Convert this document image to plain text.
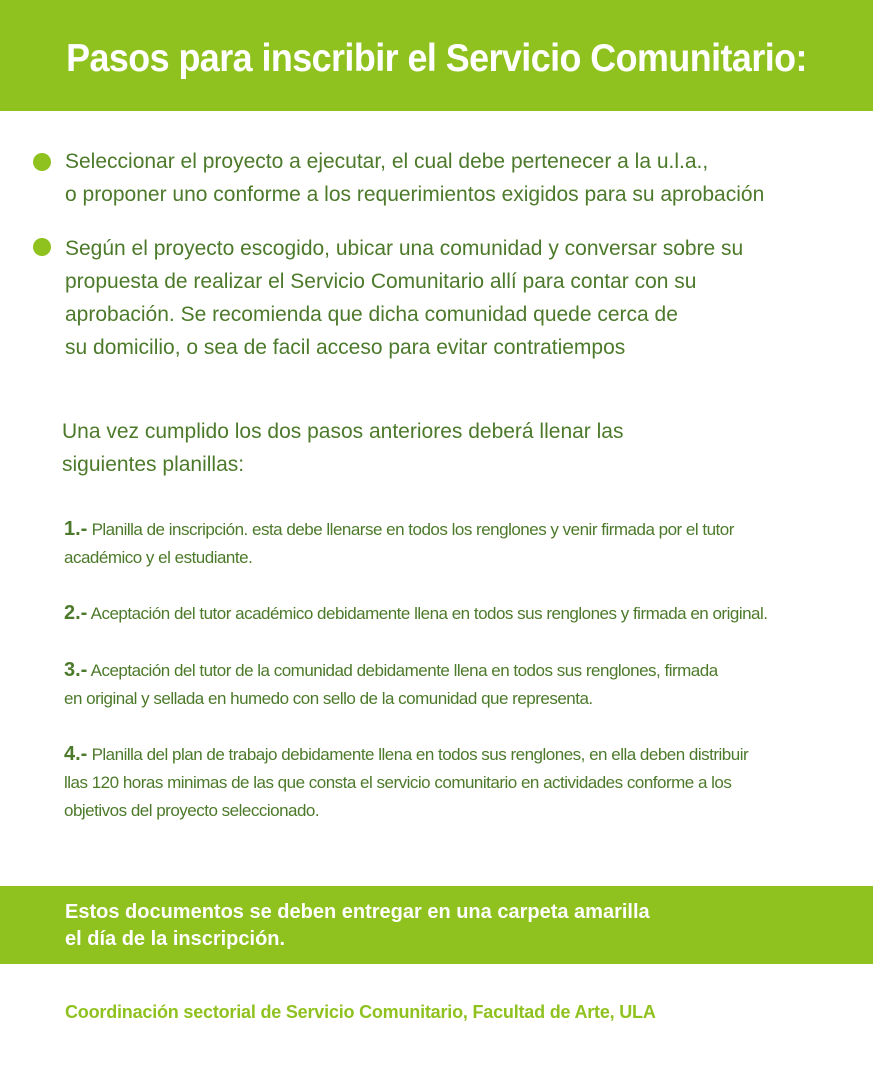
Pasos para inscribir el Servicio Comunitario:
Seleccionar el proyecto a ejecutar, el cual debe pertenecer a la u.l.a.,
o proponer uno conforme a los requerimientos exigidos para su aprobación
Según el proyecto escogido, ubicar una comunidad y conversar sobre su
propuesta de realizar el Servicio Comunitario allí para contar con su
aprobación. Se recomienda que dicha comunidad quede cerca de
su domicilio, o sea de facil acceso para evitar contratiempos
Una vez cumplido los dos pasos anteriores deberá llenar las
siguientes planillas:
1.- Planilla de inscripción. esta debe llenarse en todos los renglones y venir firmada por el tutor
académico y el estudiante.
2.- Aceptación del tutor académico debidamente llena en todos sus renglones y firmada en original.
3.- Aceptación del tutor de la comunidad debidamente llena en todos sus renglones, firmada
en original y sellada en humedo con sello de la comunidad que representa.
4.- Planilla del plan de trabajo debidamente llena en todos sus renglones, en ella deben distribuir
llas 120 horas minimas de las que consta el servicio comunitario en actividades conforme a los
objetivos del proyecto seleccionado.

Estos documentos se deben entregar en una carpeta amarilla
el día de la inscripción.

Coordinación sectorial de Servicio Comunitario, Facultad de Arte, ULA
